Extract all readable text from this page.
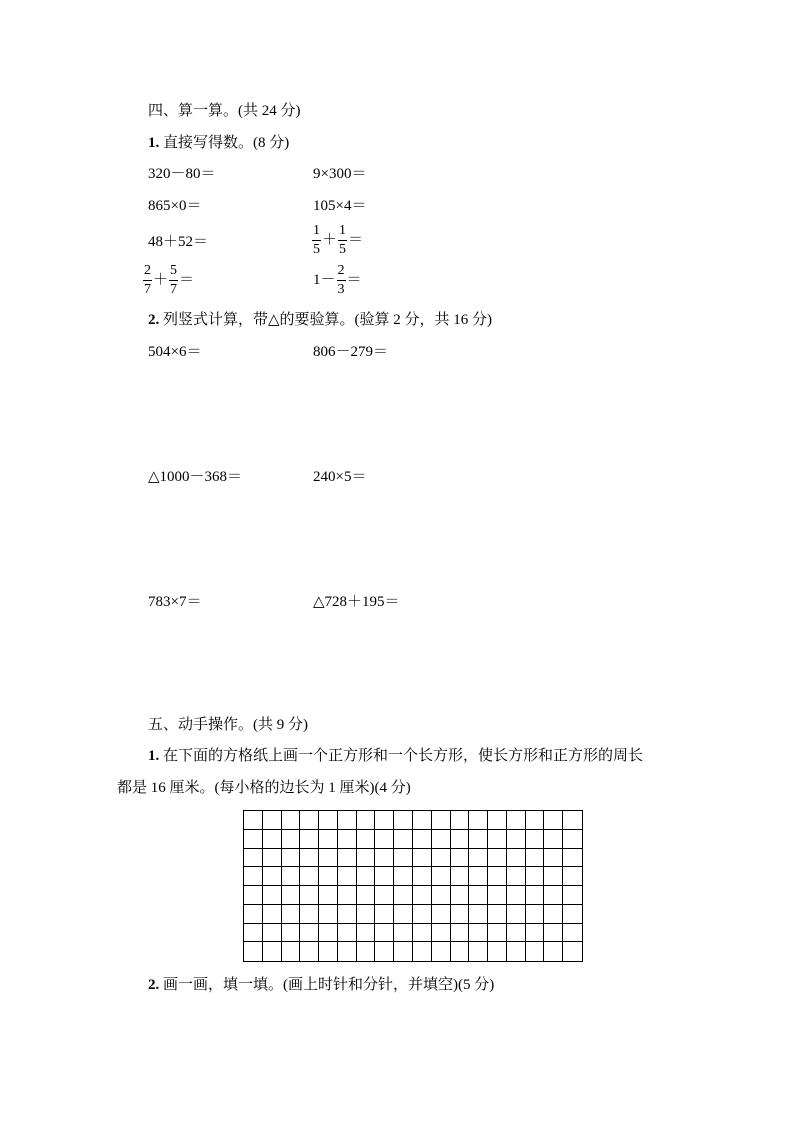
四、算一算。(共 24 分)
1. 直接写得数。(8 分)
320－80＝	9×300＝
865×0＝	105×4＝
48＋52＝	$\frac{1}{5} + \frac{1}{5}$ ＝
$\frac{2}{7} + \frac{5}{7}$ ＝	$1- \frac{2}{3}$ ＝
2. 列竖式计算，带△的要验算。(验算 2 分，共 16 分)
504×6＝	806－279＝
△1000－368＝	240×5＝
783×7＝	△728＋195＝
五、动手操作。(共 9 分)
1. 在下面的方格纸上画一个正方形和一个长方形，使长方形和正方形的周长
都是 16 厘米。(每小格的边长为 1 厘米)(4 分)
2. 画一画，填一填。(画上时针和分针，并填空)(5 分)
